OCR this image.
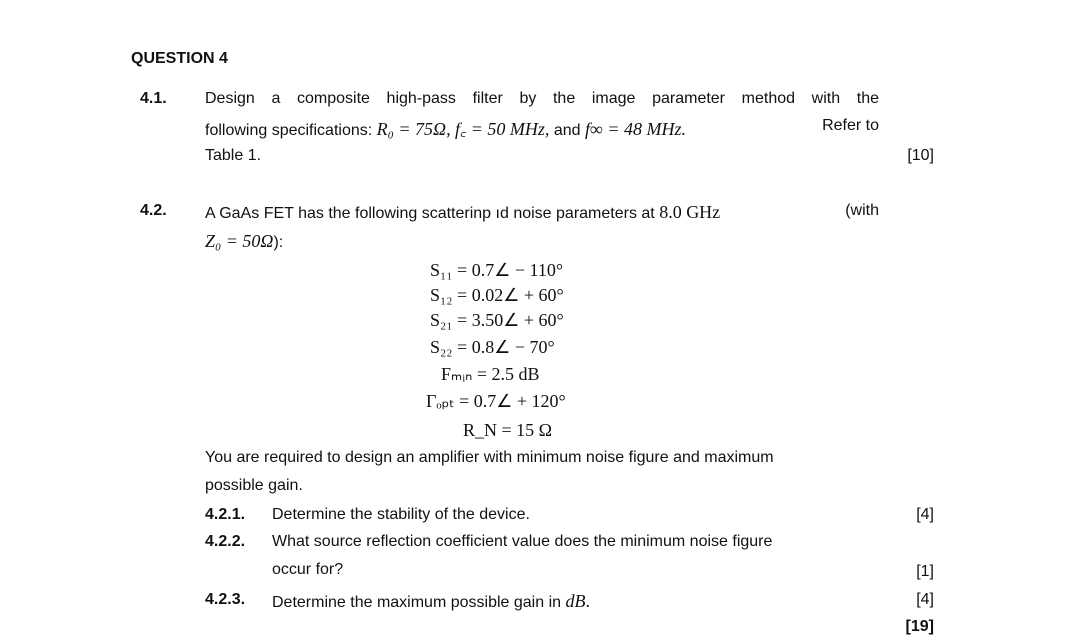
QUESTION 4
4.1. Design a composite high-pass filter by the image parameter method with the
following specifications: R₀ = 75Ω, f꜀ = 50 MHz, and f∞ = 48 MHz.	Refer to
Table 1.	[10]
4.2. A GaAs FET has the following scatterinр ıd noise parameters at 8.0 GHz	(with
Z₀ = 50Ω):
S₁₁ = 0.7∠ − 110°
S₁₂ = 0.02∠ + 60°
S₂₁ = 3.50∠ + 60°
S₂₂ = 0.8∠ − 70°
Fₘᵢₙ = 2.5 dB
Γₒₚₜ = 0.7∠ + 120°
R_N = 15 Ω
You are required to design an amplifier with minimum noise figure and maximum
possible gain.
4.2.1. Determine the stability of the device.	[4]
4.2.2. What source reflection coefficient value does the minimum noise figure
occur for?	[1]
4.2.3. Determine the maximum possible gain in dB.	[4]
[19]
